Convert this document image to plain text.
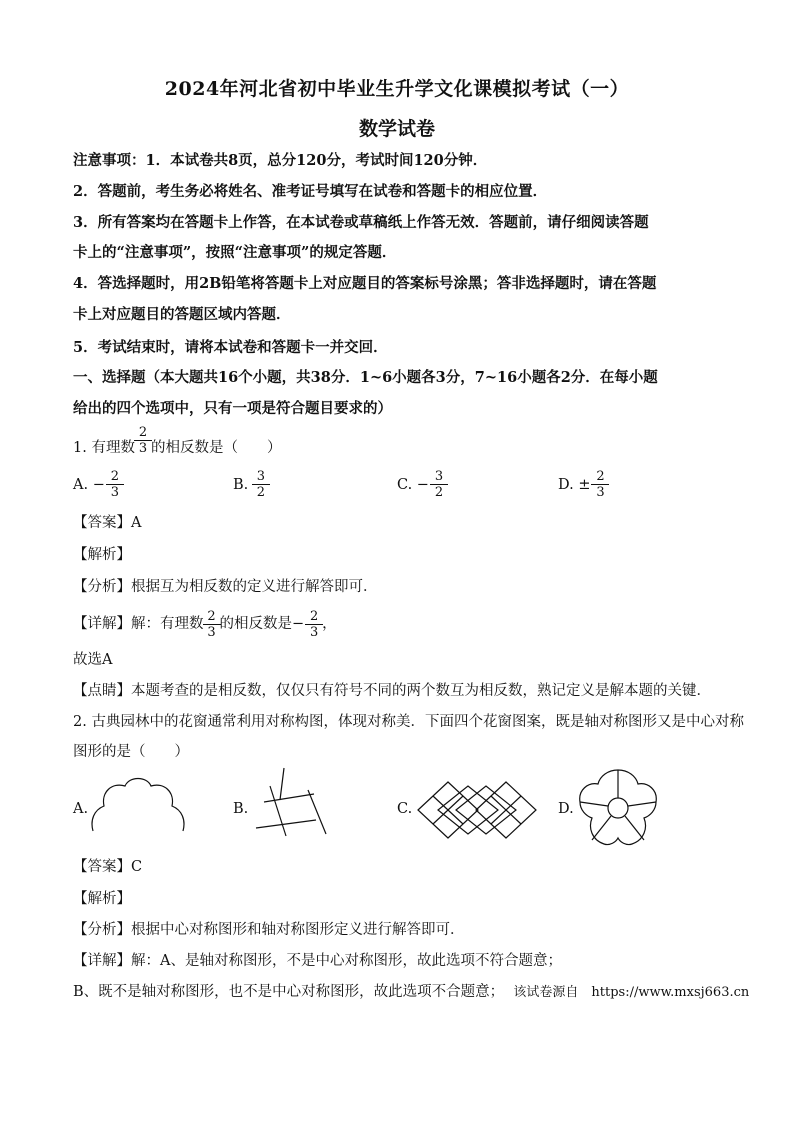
2024年河北省初中毕业生升学文化课模拟考试（一）
数学试卷
注意事项：1．本试卷共8页，总分120分，考试时间120分钟．
2．答题前，考生务必将姓名、准考证号填写在试卷和答题卡的相应位置．
3．所有答案均在答题卡上作答，在本试卷或草稿纸上作答无效．答题前，请仔细阅读答题
卡上的“注意事项”，按照“注意事项”的规定答题．
4．答选择题时，用2B铅笔将答题卡上对应题目的答案标号涂黑；答非选择题时，请在答题
卡上对应题目的答题区域内答题．
5．考试结束时，请将本试卷和答题卡一并交回．
一、选择题（本大题共16个小题，共38分．1~6小题各3分，7~16小题各2分．在每小题
给出的四个选项中，只有一项是符合题目要求的）
1. 有理数 $\frac{2}{3}$ 的相反数是（　　）
A.
− $\frac{2}{3}$	B.
$\frac{3}{2}$	C.
− $\frac{3}{2}$	D.
± $\frac{2}{3}$
【答案】A
【解析】
【分析】根据互为相反数的定义进行解答即可．
【详解】 解：有理数 $\frac{2}{3}$ 的相反数是 − $\frac{2}{3}$ ，
故选A
【点睛】本题考查的是相反数，仅仅只有符号不同的两个数互为相反数，熟记定义是解本题的关键．
2. 古典园林中的花窗通常利用对称构图，体现对称美．下面四个花窗图案，既是轴对称图形又是中心对称
图形的是（　　）
A.	B.	C.	D.
【答案】C
【解析】
【分析】根据中心对称图形和轴对称图形定义进行解答即可．
【详解】解：A、是轴对称图形，不是中心对称图形，故此选项不符合题意；
B、既不是轴对称图形，也不是中心对称图形，故此选项不合题意； 该试卷源自　https://www.mxsj663.cn
